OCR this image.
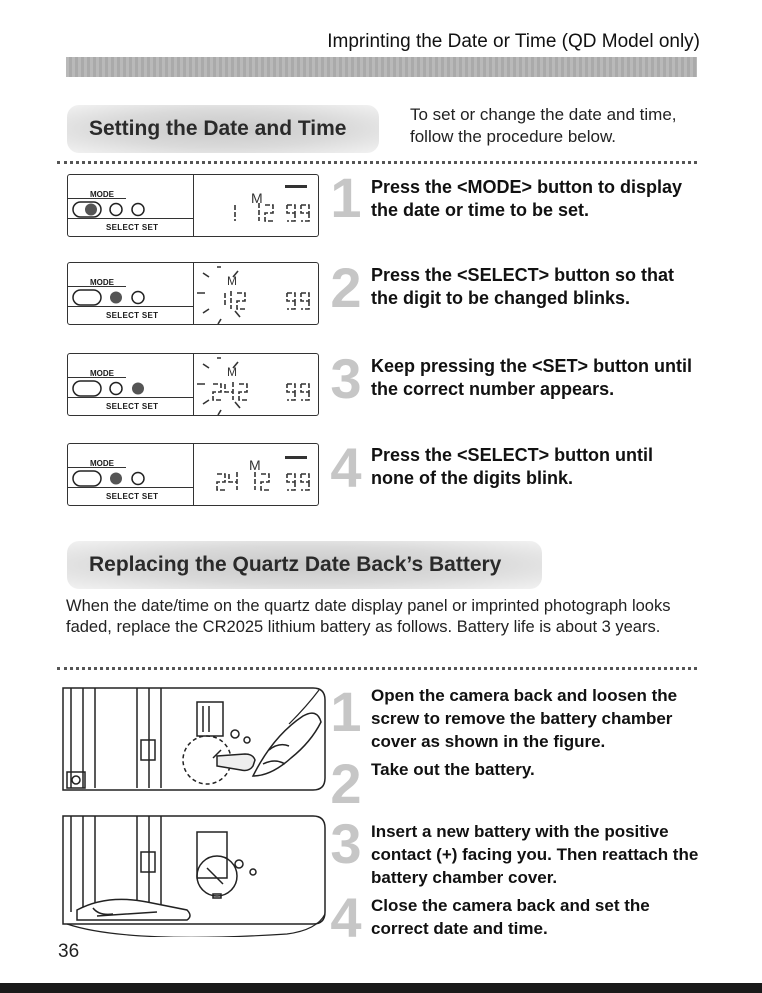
Imprinting the Date or Time (QD Model only)
Setting the Date and Time
To set or change the date and time, follow the procedure below.
MODE
SELECT SET
M 1 Press the <MODE> button to display the date or time to be set.
MODE
SELECT SET
M 2 Press the <SELECT> button so that the digit to be changed blinks.
MODE
SELECT SET
M 3 Keep pressing the <SET> button until the correct number appears.
MODE
SELECT SET
M 4 Press the <SELECT> button until none of the digits blink.
Replacing the Quartz Date Back’s Battery
When the date/time on the quartz date display panel or imprinted photograph looks faded, replace the CR2025 lithium battery as follows. Battery life is about 3 years.
1 Open the camera back and loosen the screw to remove the battery chamber cover as shown in the figure.
2 Take out the battery.
3 Insert a new battery with the positive contact (+) facing you. Then reattach the battery chamber cover.
4 Close the camera back and set the correct date and time.
36
